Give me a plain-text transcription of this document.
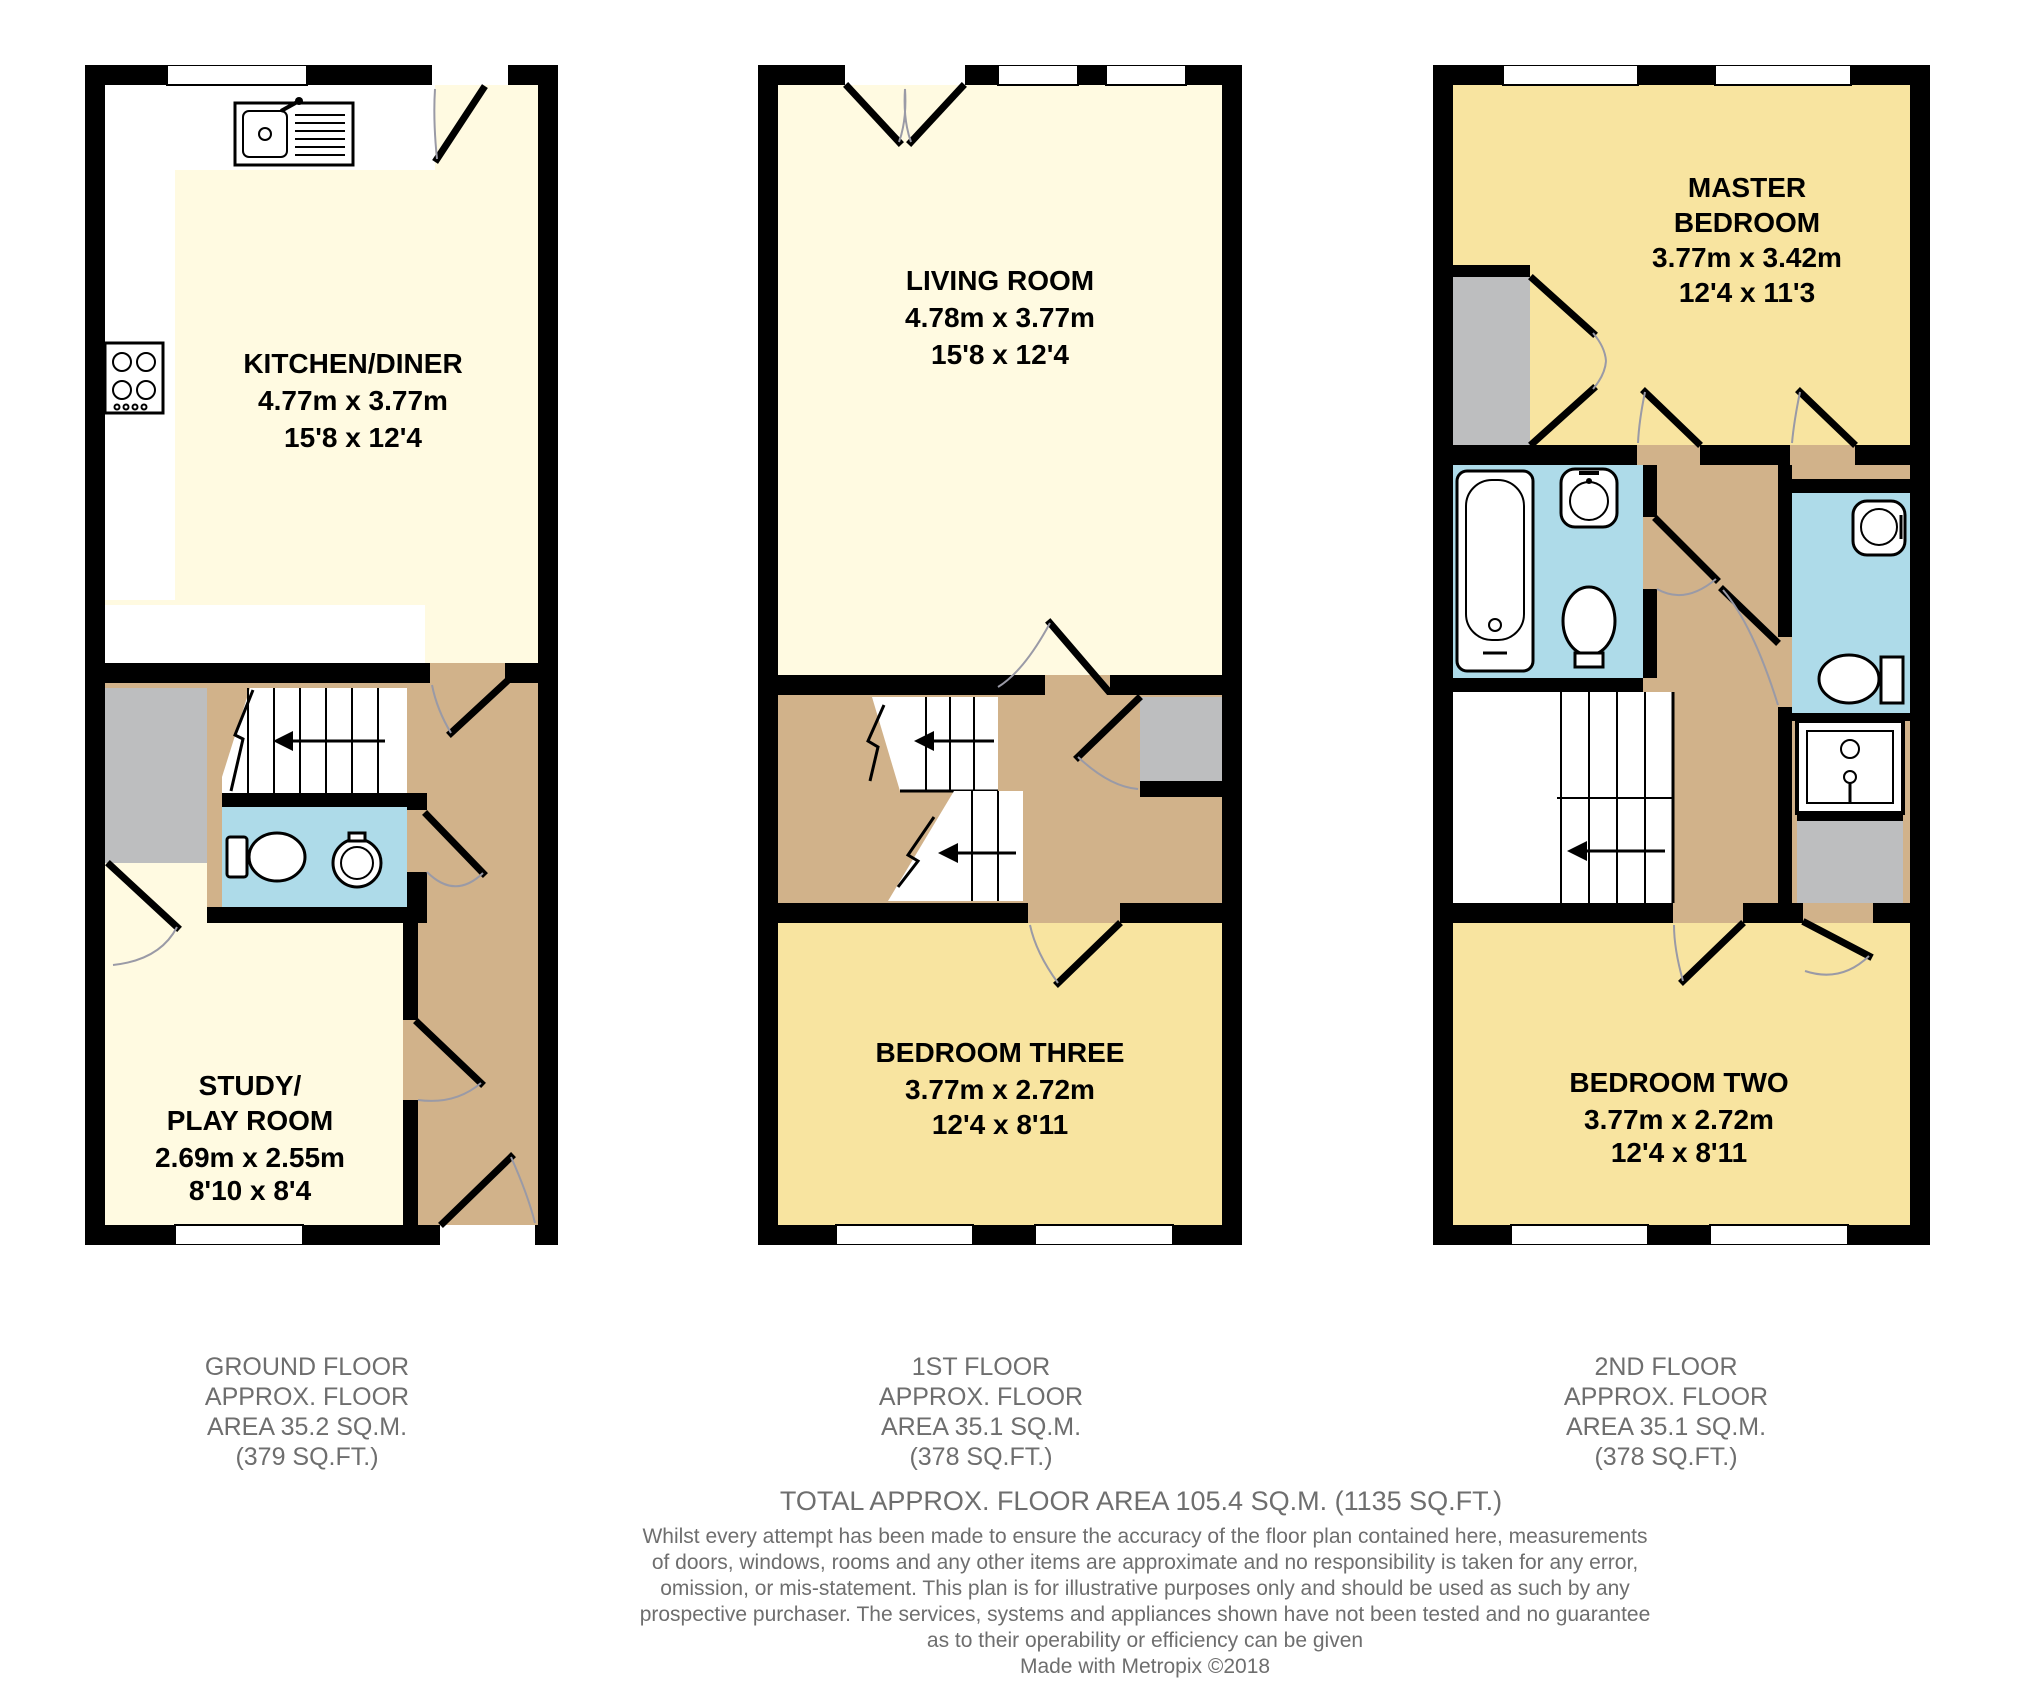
KITCHEN/DINER
4.77m x 3.77m
15'8 x 12'4
STUDY/
PLAY ROOM
2.69m x 2.55m
8'10 x 8'4
LIVING ROOM
4.78m x 3.77m
15'8 x 12'4
BEDROOM THREE
3.77m x 2.72m
12'4 x 8'11
MASTER
BEDROOM
3.77m x 3.42m
12'4 x 11'3
BEDROOM TWO
3.77m x 2.72m
12'4 x 8'11
GROUND FLOOR
APPROX. FLOOR
AREA 35.2 SQ.M.
(379 SQ.FT.)
1ST FLOOR
APPROX. FLOOR
AREA 35.1 SQ.M.
(378 SQ.FT.)
2ND FLOOR
APPROX. FLOOR
AREA 35.1 SQ.M.
(378 SQ.FT.)
TOTAL APPROX. FLOOR AREA 105.4 SQ.M. (1135 SQ.FT.)
Whilst every attempt has been made to ensure the accuracy of the floor plan contained here, measurements
of doors, windows, rooms and any other items are approximate and no responsibility is taken for any error,
omission, or mis-statement. This plan is for illustrative purposes only and should be used as such by any
prospective purchaser. The services, systems and appliances shown have not been tested and no guarantee
as to their operability or efficiency can be given
Made with Metropix ©2018
